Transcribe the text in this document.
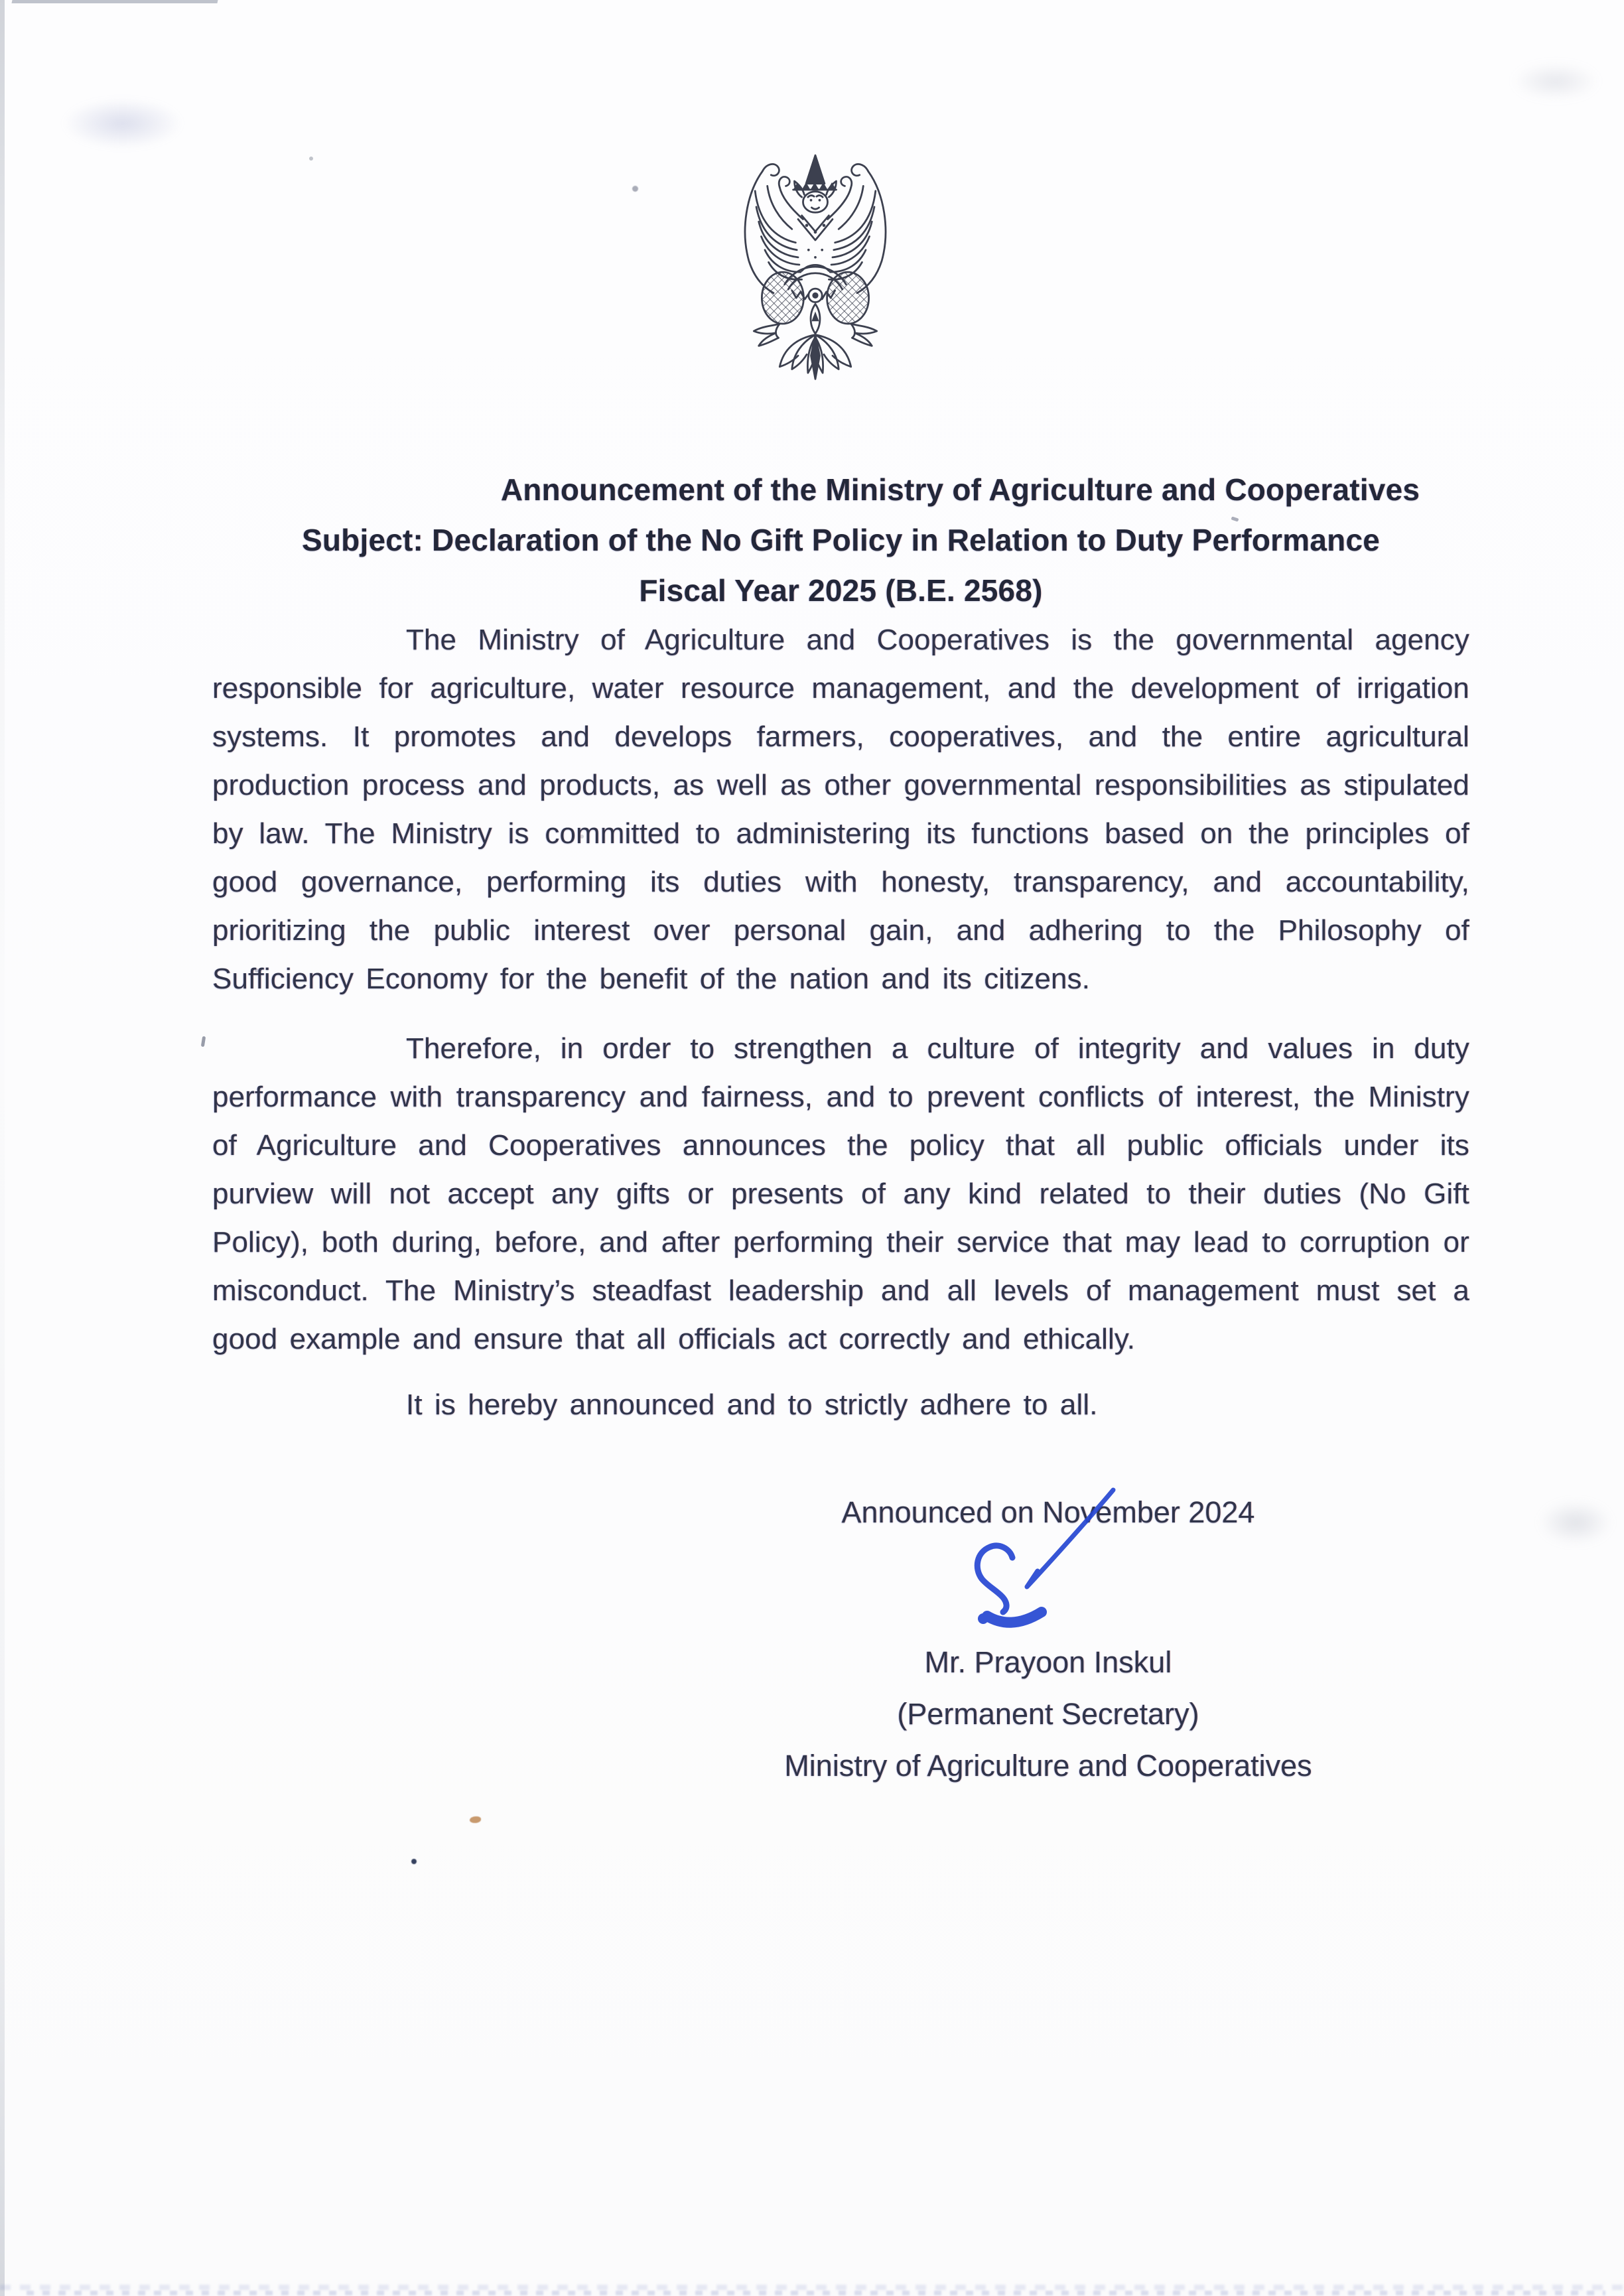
Announcement of the Ministry of Agriculture and Cooperatives
Subject: Declaration of the No Gift Policy in Relation to Duty Performance
Fiscal Year 2025 (B.E. 2568)

The Ministry of Agriculture and Cooperatives is the governmental agency responsible for agriculture, water resource management, and the development of irrigation systems. It promotes and develops farmers, cooperatives, and the entire agricultural production process and products, as well as other governmental responsibilities as stipulated by law. The Ministry is committed to administering its functions based on the principles of good governance, performing its duties with honesty, transparency, and accountability, prioritizing the public interest over personal gain, and adhering to the Philosophy of Sufficiency Economy for the benefit of the nation and its citizens.

Therefore, in order to strengthen a culture of integrity and values in duty performance with transparency and fairness, and to prevent conflicts of interest, the Ministry of Agriculture and Cooperatives announces the policy that all public officials under its purview will not accept any gifts or presents of any kind related to their duties (No Gift Policy), both during, before, and after performing their service that may lead to corruption or misconduct. The Ministry’s steadfast leadership and all levels of management must set a good example and ensure that all officials act correctly and ethically.

It is hereby announced and to strictly adhere to all.

Announced on November 2024
Mr. Prayoon Inskul
(Permanent Secretary)
Ministry of Agriculture and Cooperatives
